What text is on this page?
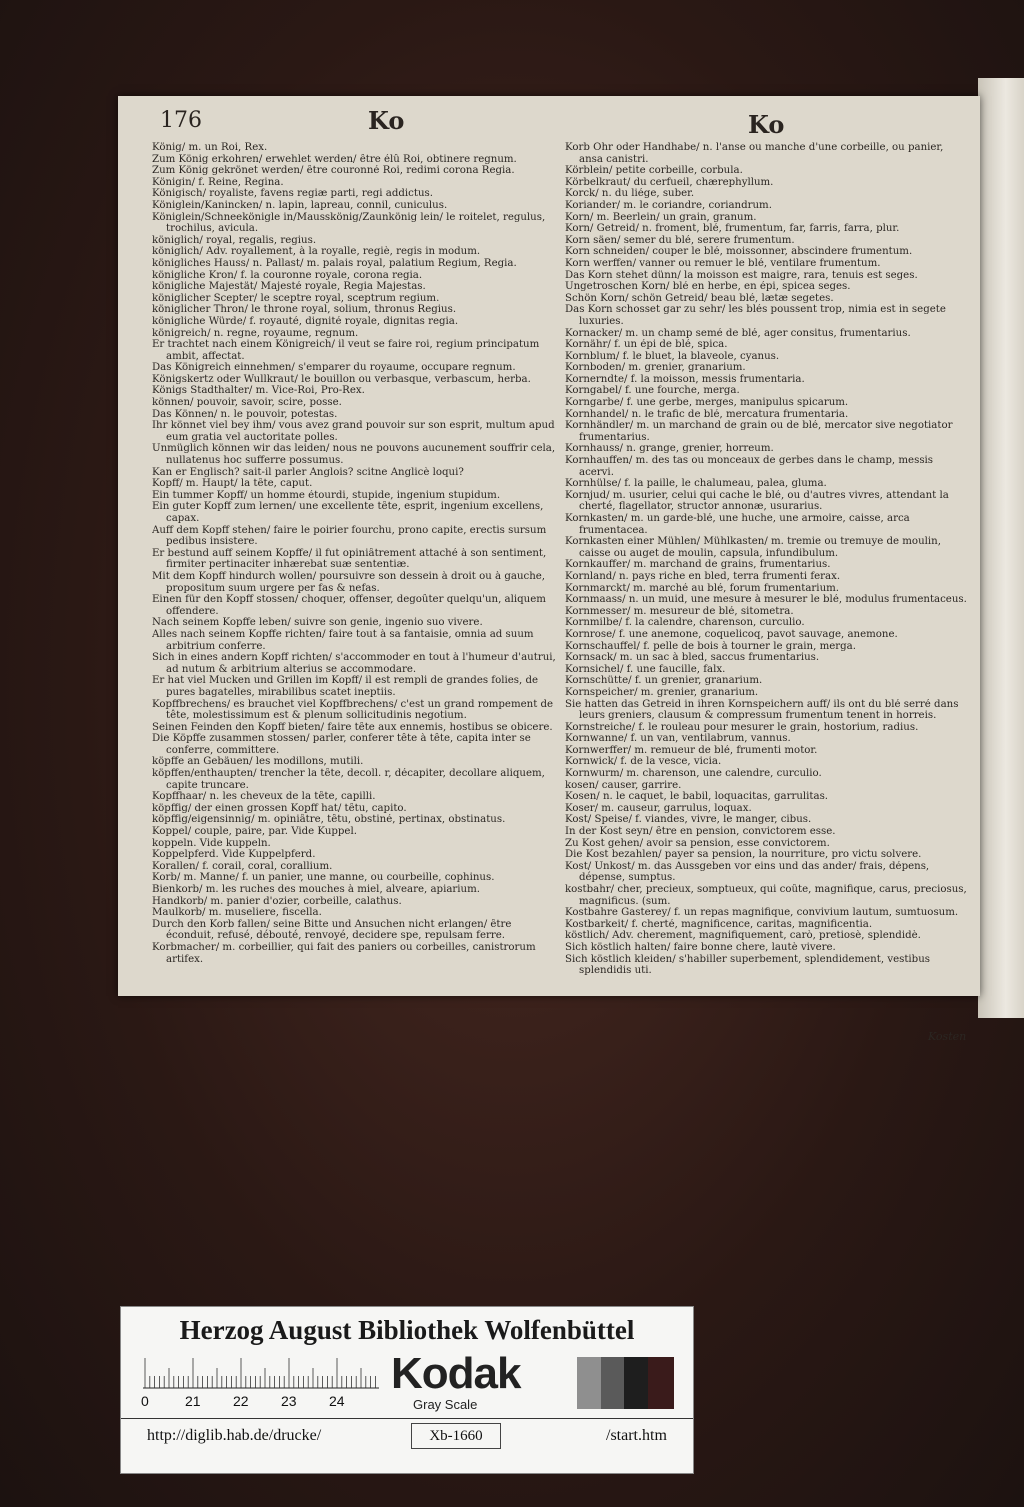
176	Ko	Ko

König/ m. un Roi, Rex.

Zum König erkohren/ erwehlet werden/ être élû Roi, obtinere regnum.

Zum König gekrönet werden/ être couronné Roi, redimi corona Regia.

Königin/ f. Reine, Regina.

Königisch/ royaliste, favens regiæ parti, regi addictus.

Königlein/Kanincken/ n. lapin, lapreau, connil, cuniculus.

Königlein/Schneekönigle in/Mausskönig/Zaunkönig lein/ le roitelet, regulus, trochilus, avicula.

königlich/ royal, regalis, regius.

königlich/ Adv. royallement, à la royalle, regiè, regis in modum.

königliches Hauss/ n. Pallast/ m. palais royal, palatium Regium, Regia.

königliche Kron/ f. la couronne royale, corona regia.

königliche Majestät/ Majesté royale, Regia Majestas.

königlicher Scepter/ le sceptre royal, sceptrum regium.

königlicher Thron/ le throne royal, solium, thronus Regius.

königliche Würde/ f. royauté, dignité royale, dignitas regia.

königreich/ n. regne, royaume, regnum.

Er trachtet nach einem Königreich/ il veut se faire roi, regium principatum ambit, affectat.

Das Königreich einnehmen/ s'emparer du royaume, occupare regnum.

Königskertz oder Wullkraut/ le bouillon ou verbasque, verbascum, herba.

Königs Stadthalter/ m. Vice-Roi, Pro-Rex.

können/ pouvoir, savoir, scire, posse.

Das Können/ n. le pouvoir, potestas.

Ihr könnet viel bey ihm/ vous avez grand pouvoir sur son esprit, multum apud eum gratia vel auctoritate polles.

Unmüglich können wir das leiden/ nous ne pouvons aucunement souffrir cela, nullatenus hoc sufferre possumus.

Kan er Englisch? sait-il parler Anglois? scitne Anglicè loqui?

Kopff/ m. Haupt/ la tête, caput.

Ein tummer Kopff/ un homme étourdi, stupide, ingenium stupidum.

Ein guter Kopff zum lernen/ une excellente tête, esprit, ingenium excellens, capax.

Auff dem Kopff stehen/ faire le poirier fourchu, prono capite, erectis sursum pedibus insistere.

Er bestund auff seinem Kopffe/ il fut opiniâtrement attaché à son sentiment, firmiter pertinaciter inhærebat suæ sententiæ.

Mit dem Kopff hindurch wollen/ poursuivre son dessein à droit ou à gauche, propositum suum urgere per fas & nefas.

Einen für den Kopff stossen/ choquer, offenser, degoûter quelqu'un, aliquem offendere.

Nach seinem Kopffe leben/ suivre son genie, ingenio suo vivere.

Alles nach seinem Kopffe richten/ faire tout à sa fantaisie, omnia ad suum arbitrium conferre.

Sich in eines andern Kopff richten/ s'accommoder en tout à l'humeur d'autrui, ad nutum & arbitrium alterius se accommodare.

Er hat viel Mucken und Grillen im Kopff/ il est rempli de grandes folies, de pures bagatelles, mirabilibus scatet ineptiis.

Kopffbrechens/ es brauchet viel Kopffbrechens/ c'est un grand rompement de tête, molestissimum est & plenum sollicitudinis negotium.

Seinen Feinden den Kopff bieten/ faire tête aux ennemis, hostibus se obicere.

Die Köpffe zusammen stossen/ parler, conferer tête à tête, capita inter se conferre, committere.

köpffe an Gebäuen/ les modillons, mutili.

köpffen/enthaupten/ trencher la tête, decoll. r, décapiter, decollare aliquem, capite truncare.

Kopffhaar/ n. les cheveux de la tête, capilli.

köpffig/ der einen grossen Kopff hat/ têtu, capito.

köpffig/eigensinnig/ m. opiniâtre, têtu, obstiné, pertinax, obstinatus.

Koppel/ couple, paire, par. Vide Kuppel.

koppeln. Vide kuppeln.

Koppelpferd. Vide Kuppelpferd.

Korallen/ f. corail, coral, corallium.

Korb/ m. Manne/ f. un panier, une manne, ou courbeille, cophinus.

Bienkorb/ m. les ruches des mouches à miel, alveare, apiarium.

Handkorb/ m. panier d'ozier, corbeille, calathus.

Maulkorb/ m. museliere, fiscella.

Durch den Korb fallen/ seine Bitte und Ansuchen nicht erlangen/ être éconduit, refusé, débouté, renvoyé, decidere spe, repulsam ferre.

Korbmacher/ m. corbeillier, qui fait des paniers ou corbeilles, canistrorum artifex.

Korb Ohr oder Handhabe/ n. l'anse ou manche d'une corbeille, ou panier, ansa canistri.

Körblein/ petite corbeille, corbula.

Körbelkraut/ du cerfueil, chærephyllum.

Korck/ n. du liége, suber.

Koriander/ m. le coriandre, coriandrum.

Korn/ m. Beerlein/ un grain, granum.

Korn/ Getreid/ n. froment, blé, frumentum, far, farris, farra, plur.

Korn säen/ semer du blé, serere frumentum.

Korn schneiden/ couper le blé, moissonner, abscindere frumentum.

Korn werffen/ vanner ou remuer le blé, ventilare frumentum.

Das Korn stehet dünn/ la moisson est maigre, rara, tenuis est seges.

Ungetroschen Korn/ blé en herbe, en épi, spicea seges.

Schön Korn/ schön Getreid/ beau blé, lætæ segetes.

Das Korn schosset gar zu sehr/ les blés poussent trop, nimia est in segete luxuries.

Kornacker/ m. un champ semé de blé, ager consitus, frumentarius.

Kornähr/ f. un épi de blé, spica.

Kornblum/ f. le bluet, la blaveole, cyanus.

Kornboden/ m. grenier, granarium.

Kornerndte/ f. la moisson, messis frumentaria.

Korngabel/ f. une fourche, merga.

Korngarbe/ f. une gerbe, merges, manipulus spicarum.

Kornhandel/ n. le trafic de blé, mercatura frumentaria.

Kornhändler/ m. un marchand de grain ou de blé, mercator sive negotiator frumentarius.

Kornhauss/ n. grange, grenier, horreum.

Kornhauffen/ m. des tas ou monceaux de gerbes dans le champ, messis acervi.

Kornhülse/ f. la paille, le chalumeau, palea, gluma.

Kornjud/ m. usurier, celui qui cache le blé, ou d'autres vivres, attendant la cherté, flagellator, structor annonæ, usurarius.

Kornkasten/ m. un garde-blé, une huche, une armoire, caisse, arca frumentacea.

Kornkasten einer Mühlen/ Mühlkasten/ m. tremie ou tremuye de moulin, caisse ou auget de moulin, capsula, infundibulum.

Kornkauffer/ m. marchand de grains, frumentarius.

Kornland/ n. pays riche en bled, terra frumenti ferax.

Kornmarckt/ m. marché au blé, forum frumentarium.

Kornmaass/ n. un muid, une mesure à mesurer le blé, modulus frumentaceus.

Kornmesser/ m. mesureur de blé, sitometra.

Kornmilbe/ f. la calendre, charenson, curculio.

Kornrose/ f. une anemone, coquelicoq, pavot sauvage, anemone.

Kornschauffel/ f. pelle de bois à tourner le grain, merga.

Kornsack/ m. un sac à bled, saccus frumentarius.

Kornsichel/ f. une faucille, falx.

Kornschütte/ f. un grenier, granarium.

Kornspeicher/ m. grenier, granarium.

Sie hatten das Getreid in ihren Kornspeichern auff/ ils ont du blé serré dans leurs greniers, clausum & compressum frumentum tenent in horreis.

Kornstreiche/ f. le rouleau pour mesurer le grain, hostorium, radius.

Kornwanne/ f. un van, ventilabrum, vannus.

Kornwerffer/ m. remueur de blé, frumenti motor.

Kornwick/ f. de la vesce, vicia.

Kornwurm/ m. charenson, une calendre, curculio.

kosen/ causer, garrire.

Kosen/ n. le caquet, le babil, loquacitas, garrulitas.

Koser/ m. causeur, garrulus, loquax.

Kost/ Speise/ f. viandes, vivre, le manger, cibus.

In der Kost seyn/ être en pension, convictorem esse.

Zu Kost gehen/ avoir sa pension, esse convictorem.

Die Kost bezahlen/ payer sa pension, la nourriture, pro victu solvere.

Kost/ Unkost/ m. das Aussgeben vor eins und das ander/ frais, dépens, dépense, sumptus.

kostbahr/ cher, precieux, somptueux, qui coûte, magnifique, carus, preciosus, magnificus. (sum.

Kostbahre Gasterey/ f. un repas magnifique, convivium lautum, sumtuosum.

Kostbarkeit/ f. cherté, magnificence, caritas, magnificentia.

köstlich/ Adv. cherement, magnifiquement, carò, pretiosè, splendidè.

Sich köstlich halten/ faire bonne chere, lautè vivere.

Sich köstlich kleiden/ s'habiller superbement, splendidement, vestibus splendidis uti.

Kosten
Herzog August Bibliothek Wolfenbüttel
0	21 22 23 24
Kodak
Gray Scale
http://diglib.hab.de/drucke/	Xb-1660	/start.htm
